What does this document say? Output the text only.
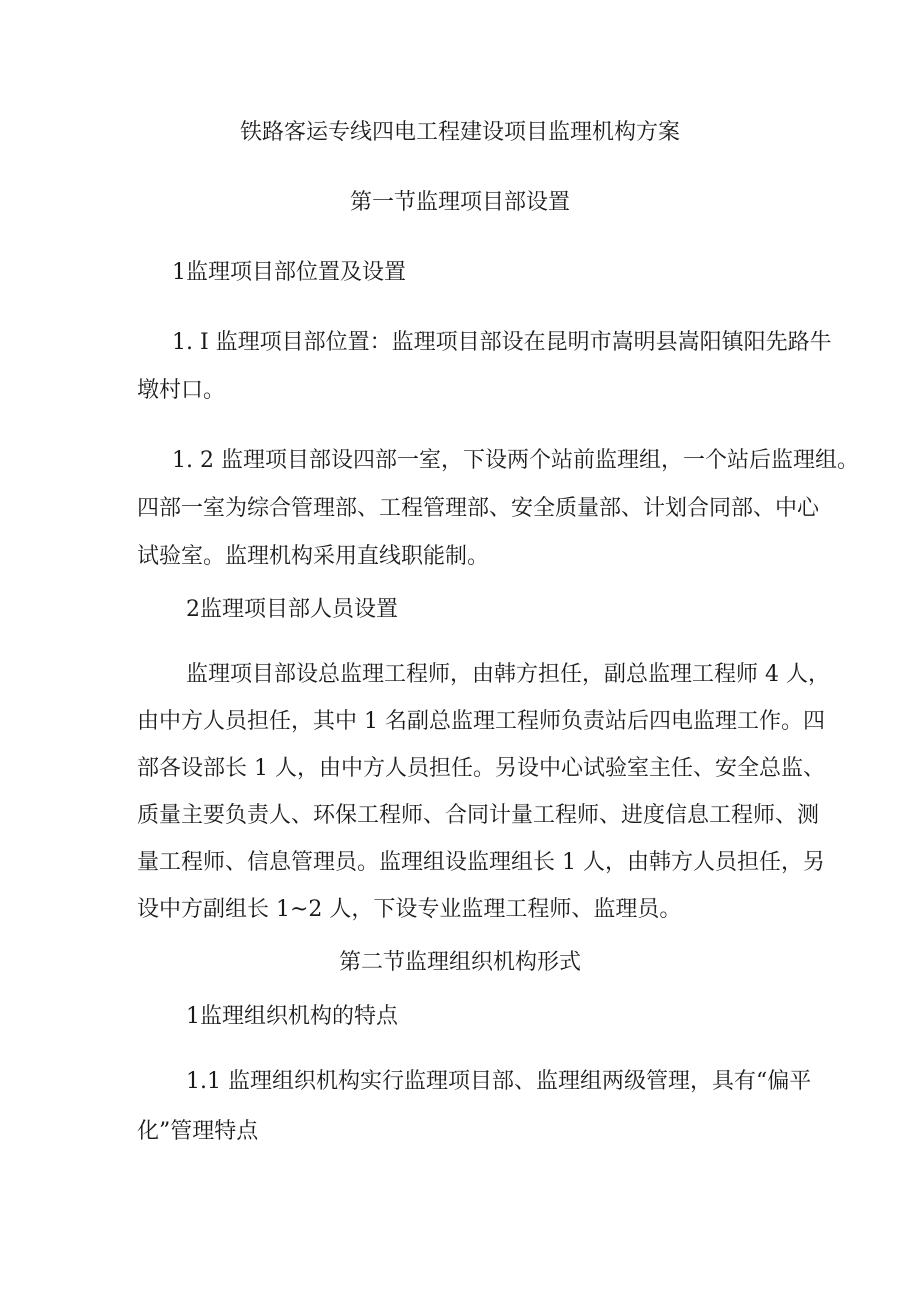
铁路客运专线四电工程建设项目监理机构方案
第一节监理项目部设置
1监理项目部位置及设置
1. I 监理项目部位置：监理项目部设在昆明市嵩明县嵩阳镇阳先路牛
墩村口。
1. 2 监理项目部设四部一室，下设两个站前监理组，一个站后监理组。
四部一室为综合管理部、工程管理部、安全质量部、计划合同部、中心
试验室。监理机构采用直线职能制。
2监理项目部人员设置
监理项目部设总监理工程师，由韩方担任，副总监理工程师 4 人，
由中方人员担任，其中 1 名副总监理工程师负责站后四电监理工作。四
部各设部长 1 人，由中方人员担任。另设中心试验室主任、安全总监、
质量主要负责人、环保工程师、合同计量工程师、进度信息工程师、测
量工程师、信息管理员。监理组设监理组长 1 人，由韩方人员担任，另
设中方副组长 1~2 人，下设专业监理工程师、监理员。
第二节监理组织机构形式
1监理组织机构的特点
1.1 监理组织机构实行监理项目部、监理组两级管理，具有“偏平
化”管理特点
